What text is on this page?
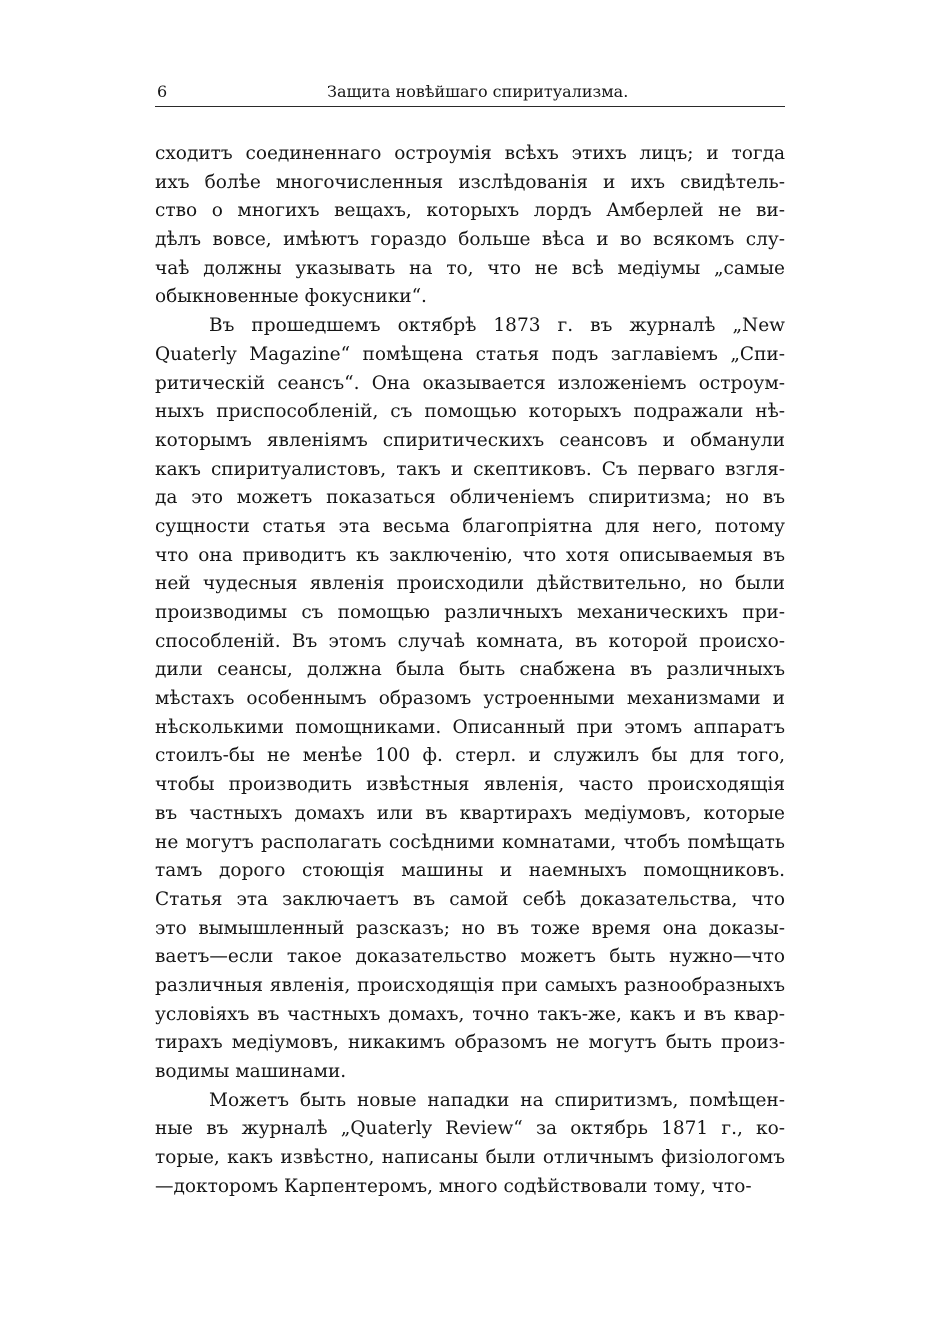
6	Защита новѣйшаго спиритуализма.
сходитъ соединеннаго остроумія всѣхъ этихъ лицъ; и тогда
ихъ болѣе многочисленныя изслѣдованія и ихъ свидѣтель-
ство о многихъ вещахъ, которыхъ лордъ Амберлей не ви-
дѣлъ вовсе, имѣютъ гораздо больше вѣса и во всякомъ слу-
чаѣ должны указывать на то, что не всѣ медіумы „самые
обыкновенные фокусники“.
Въ прошедшемъ октябрѣ 1873 г. въ журналѣ „New
Quaterly Magazine“ помѣщена статья подъ заглавіемъ „Спи-
ритическій сеансъ“. Она оказывается изложеніемъ остроум-
ныхъ приспособленій, съ помощью которыхъ подражали нѣ-
которымъ явленіямъ спиритическихъ сеансовъ и обманули
какъ спиритуалистовъ, такъ и скептиковъ. Съ перваго взгля-
да это можетъ показаться обличеніемъ спиритизма; но въ
сущности статья эта весьма благопріятна для него, потому
что она приводитъ къ заключенію, что хотя описываемыя въ
ней чудесныя явленія происходили дѣйствительно, но были
производимы съ помощью различныхъ механическихъ при-
способленій. Въ этомъ случаѣ комната, въ которой происхо-
дили сеансы, должна была быть снабжена въ различныхъ
мѣстахъ особеннымъ образомъ устроенными механизмами и
нѣсколькими помощниками. Описанный при этомъ аппаратъ
стоилъ-бы не менѣе 100 ф. стерл. и служилъ бы для того,
чтобы производить извѣстныя явленія, часто происходящія
въ частныхъ домахъ или въ квартирахъ медіумовъ, которые
не могутъ располагать сосѣдними комнатами, чтобъ помѣщать
тамъ дорого стоющія машины и наемныхъ помощниковъ.
Статья эта заключаетъ въ самой себѣ доказательства, что
это вымышленный разсказъ; но въ тоже время она доказы-
ваетъ—если такое доказательство можетъ быть нужно—что
различныя явленія, происходящія при самыхъ разнообразныхъ
условіяхъ въ частныхъ домахъ, точно такъ-же, какъ и въ квар-
тирахъ медіумовъ, никакимъ образомъ не могутъ быть произ-
водимы машинами.
Можетъ быть новые нападки на спиритизмъ, помѣщен-
ные въ журналѣ „Quaterly Review“ за октябрь 1871 г., ко-
торые, какъ извѣстно, написаны были отличнымъ физіологомъ
—докторомъ Карпентеромъ, много содѣйствовали тому, что-
